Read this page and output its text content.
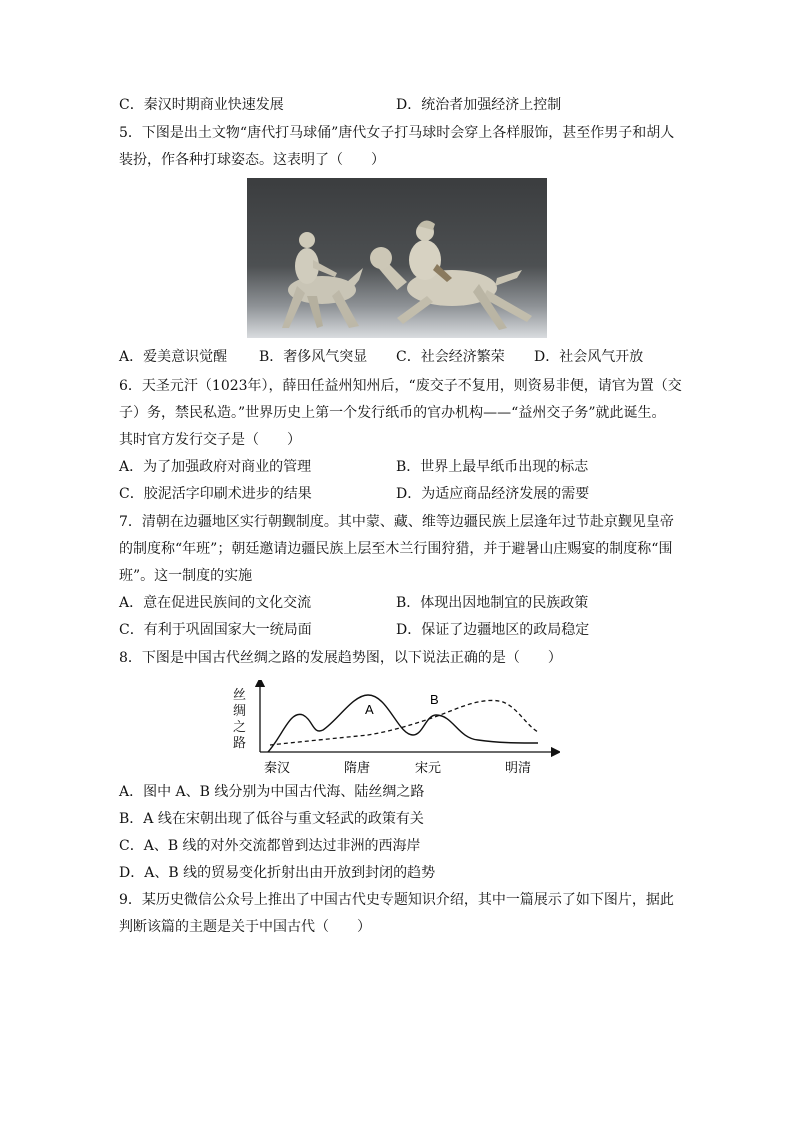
C．秦汉时期商业快速发展	D．统治者加强经济上控制
5．下图是出土文物“唐代打马球俑”唐代女子打马球时会穿上各样服饰，甚至作男子和胡人
装扮，作各种打球姿态。这表明了（　　）
A．爱美意识觉醒 B．奢侈风气突显 C．社会经济繁荣 D．社会风气开放
6．天圣元汗（1023年），薛田任益州知州后，“废交子不复用，则资易非便，请官为置（交
子）务，禁民私造。”世界历史上第一个发行纸币的官办机构——“益州交子务”就此诞生。
其时官方发行交子是（　　）
A．为了加强政府对商业的管理	B．世界上最早纸币出现的标志
C．胶泥活字印刷术进步的结果	D．为适应商品经济发展的需要
7．清朝在边疆地区实行朝觐制度。其中蒙、藏、维等边疆民族上层逢年过节赴京觐见皇帝
的制度称“年班”；朝廷邀请边疆民族上层至木兰行围狩猎，并于避暑山庄赐宴的制度称“围
班”。这一制度的实施
A．意在促进民族间的文化交流	B．体现出因地制宜的民族政策
C．有利于巩固国家大一统局面	D．保证了边疆地区的政局稳定
8．下图是中国古代丝绸之路的发展趋势图，以下说法正确的是（　　）
丝
绸
之
路
A
B
秦汉	隋唐	宋元	明清
A．图中 A、B 线分别为中国古代海、陆丝绸之路
B．A 线在宋朝出现了低谷与重文轻武的政策有关
C．A、B 线的对外交流都曾到达过非洲的西海岸
D．A、B 线的贸易变化折射出由开放到封闭的趋势
9．某历史微信公众号上推出了中国古代史专题知识介绍，其中一篇展示了如下图片，据此
判断该篇的主题是关于中国古代（　　）
